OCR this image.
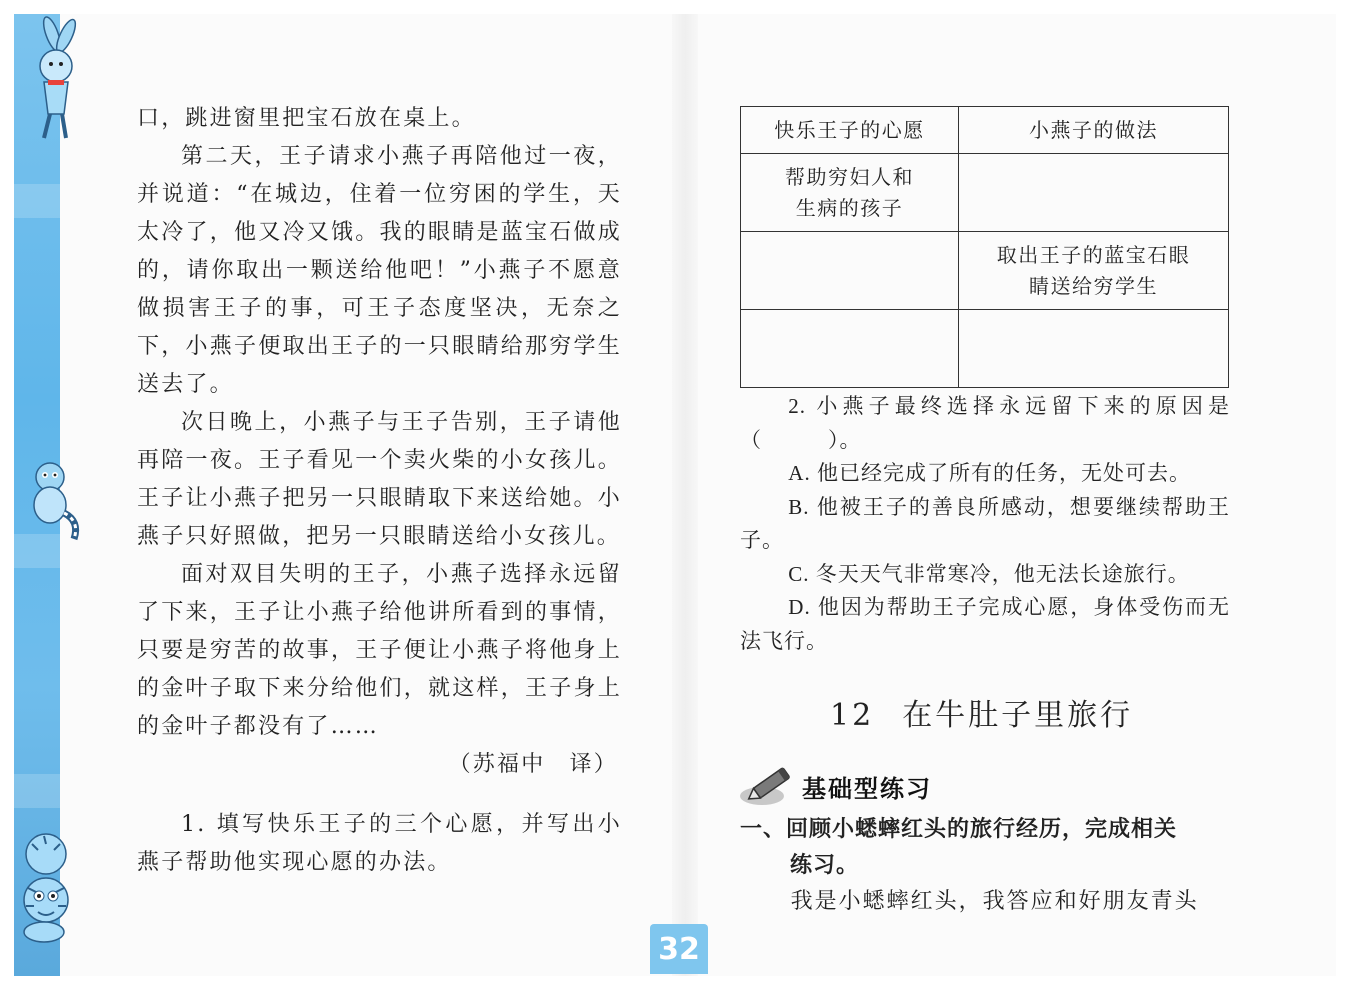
口，跳进窗里把宝石放在桌上。

第二天，王子请求小燕子再陪他过一夜，并说道：“在城边，住着一位穷困的学生，天太冷了，他又冷又饿。我的眼睛是蓝宝石做成的，请你取出一颗送给他吧！”小燕子不愿意做损害王子的事，可王子态度坚决，无奈之下，小燕子便取出王子的一只眼睛给那穷学生送去了。

次日晚上，小燕子与王子告别，王子请他再陪一夜。王子看见一个卖火柴的小女孩儿。王子让小燕子把另一只眼睛取下来送给她。小燕子只好照做，把另一只眼睛送给小女孩儿。

面对双目失明的王子，小燕子选择永远留了下来，王子让小燕子给他讲所看到的事情，只要是穷苦的故事，王子便让小燕子将他身上的金叶子取下来分给他们，就这样，王子身上的金叶子都没有了……

（苏福中　译）

1. 填写快乐王子的三个心愿，并写出小燕子帮助他实现心愿的办法。

快乐王子的心愿	小燕子的做法

帮助穷妇人和生病的孩子	

	取出王子的蓝宝石眼睛送给穷学生

2. 小燕子最终选择永远留下来的原因是（　　　）。

A. 他已经完成了所有的任务，无处可去。

B. 他被王子的善良所感动，想要继续帮助王子。

C. 冬天天气非常寒冷，他无法长途旅行。

D. 他因为帮助王子完成心愿，身体受伤而无法飞行。

12 在牛肚子里旅行
基础型练习
一、回顾小蟋蟀红头的旅行经历，完成相关
练习。
我是小蟋蟀红头，我答应和好朋友青头
32
